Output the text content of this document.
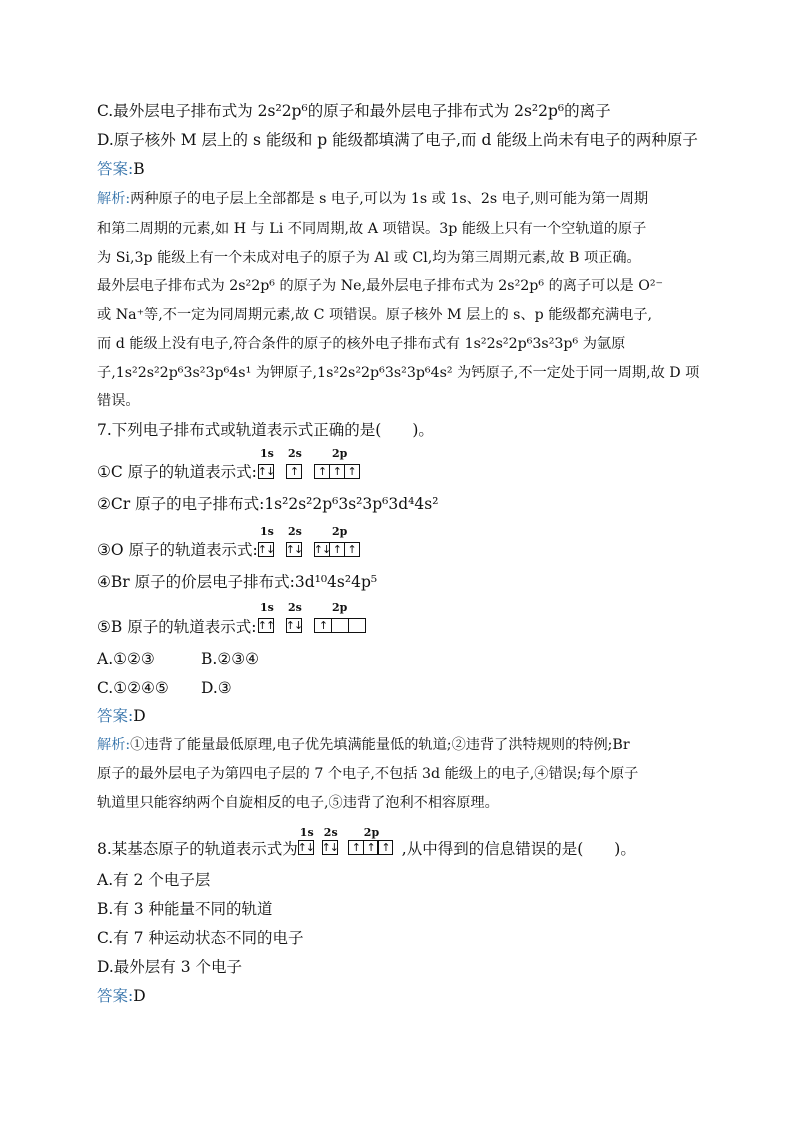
C.最外层电子排布式为 2s²2p⁶的原子和最外层电子排布式为 2s²2p⁶的离子
D.原子核外 M 层上的 s 能级和 p 能级都填满了电子,而 d 能级上尚未有电子的两种原子
答案:B
解析:两种原子的电子层上全部都是 s 电子,可以为 1s 或 1s、2s 电子,则可能为第一周期
和第二周期的元素,如 H 与 Li 不同周期,故 A 项错误。3p 能级上只有一个空轨道的原子
为 Si,3p 能级上有一个未成对电子的原子为 Al 或 Cl,均为第三周期元素,故 B 项正确。
最外层电子排布式为 2s²2p⁶ 的原子为 Ne,最外层电子排布式为 2s²2p⁶ 的离子可以是 O²⁻
或 Na⁺等,不一定为同周期元素,故 C 项错误。原子核外 M 层上的 s、p 能级都充满电子,
而 d 能级上没有电子,符合条件的原子的核外电子排布式有 1s²2s²2p⁶3s²3p⁶ 为氩原
子,1s²2s²2p⁶3s²3p⁶4s¹ 为钾原子,1s²2s²2p⁶3s²3p⁶4s² 为钙原子,不一定处于同一周期,故 D 项
错误。
7.下列电子排布式或轨道表示式正确的是(　　)。
①C 原子的轨道表示式:
1s
↑↓
2s
↑
2p
↑ ↑ ↑
②Cr 原子的电子排布式:1s²2s²2p⁶3s²3p⁶3d⁴4s²
③O 原子的轨道表示式:
1s
↑↓
2s
↑↓
2p
↑↓ ↑ ↑
④Br 原子的价层电子排布式:3d¹⁰4s²4p⁵
⑤B 原子的轨道表示式:
1s
↑↑
2s
↑↓
2p
↑
A.①②③	B.②③④
C.①②④⑤ D.③
答案:D
解析:①违背了能量最低原理,电子优先填满能量低的轨道;②违背了洪特规则的特例;Br
原子的最外层电子为第四电子层的 7 个电子,不包括 3d 能级上的电子,④错误;每个原子
轨道里只能容纳两个自旋相反的电子,⑤违背了泡利不相容原理。
8.某基态原子的轨道表示式为
1s
↑↓
2s
↑↓
2p
↑ ↑ ↑ ,从中得到的信息错误的是(　　)。
A.有 2 个电子层
B.有 3 种能量不同的轨道
C.有 7 种运动状态不同的电子
D.最外层有 3 个电子
答案:D
